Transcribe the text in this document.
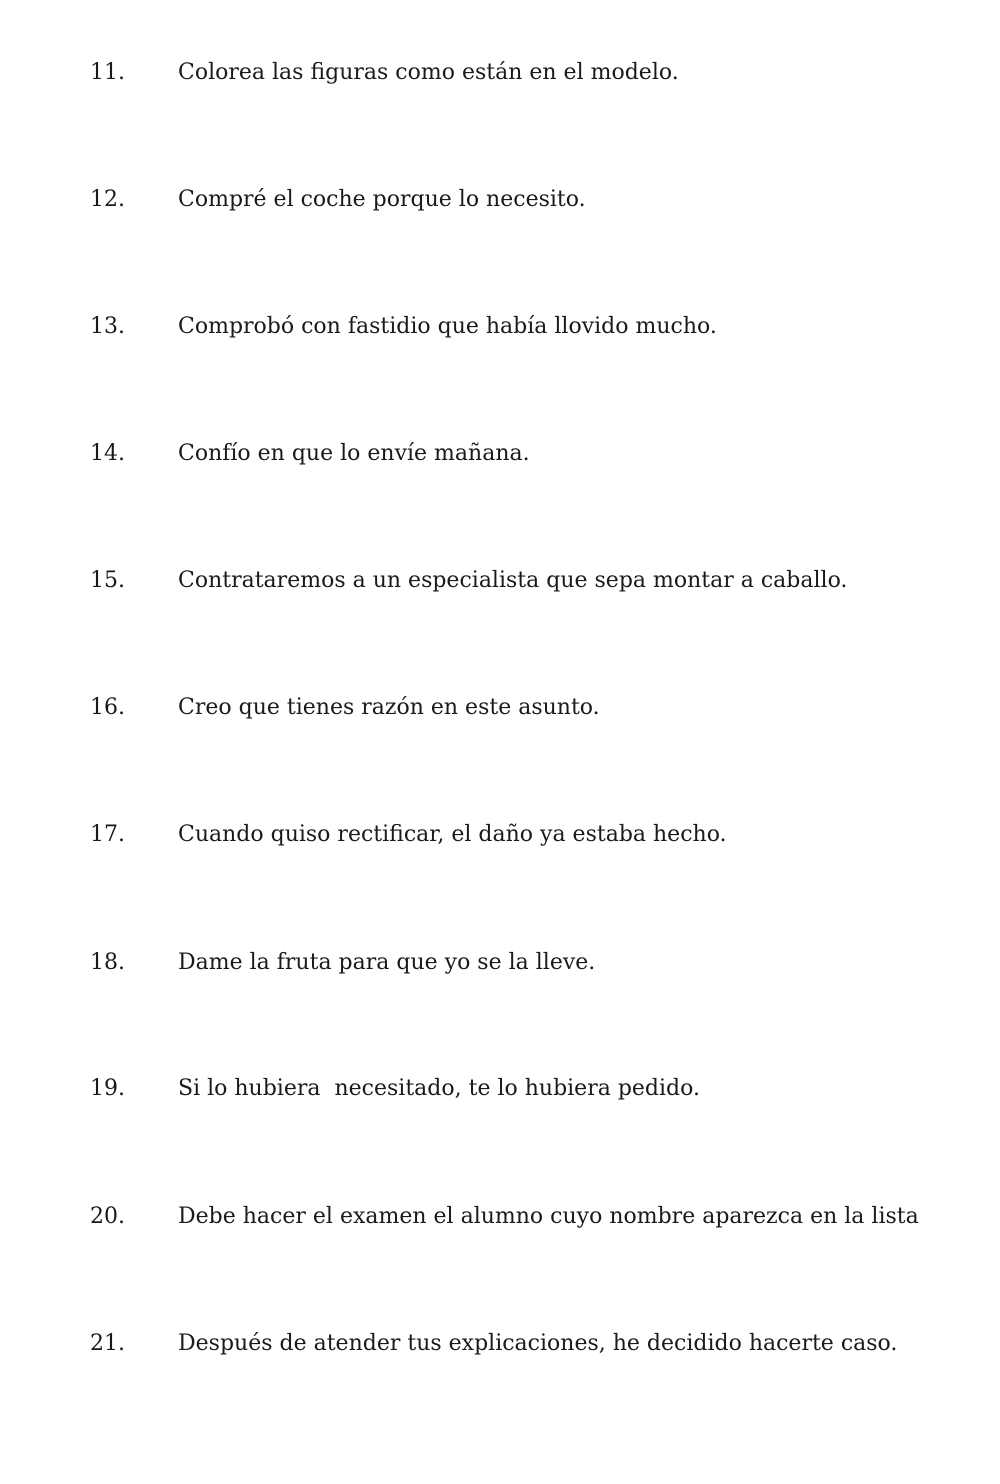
11.

Colorea las figuras como están en el modelo.

12.

Compré el coche porque lo necesito.

13.

Comprobó con fastidio que había llovido mucho.

14.

Confío en que lo envíe mañana.

15.

Contrataremos a un especialista que sepa montar a caballo.

16.

Creo que tienes razón en este asunto.

17.

Cuando quiso rectificar, el daño ya estaba hecho.

18.

Dame la fruta para que yo se la lleve.

19.

Si lo hubiera  necesitado, te lo hubiera pedido.

20.

Debe hacer el examen el alumno cuyo nombre aparezca en la lista

21.

Después de atender tus explicaciones, he decidido hacerte caso.
